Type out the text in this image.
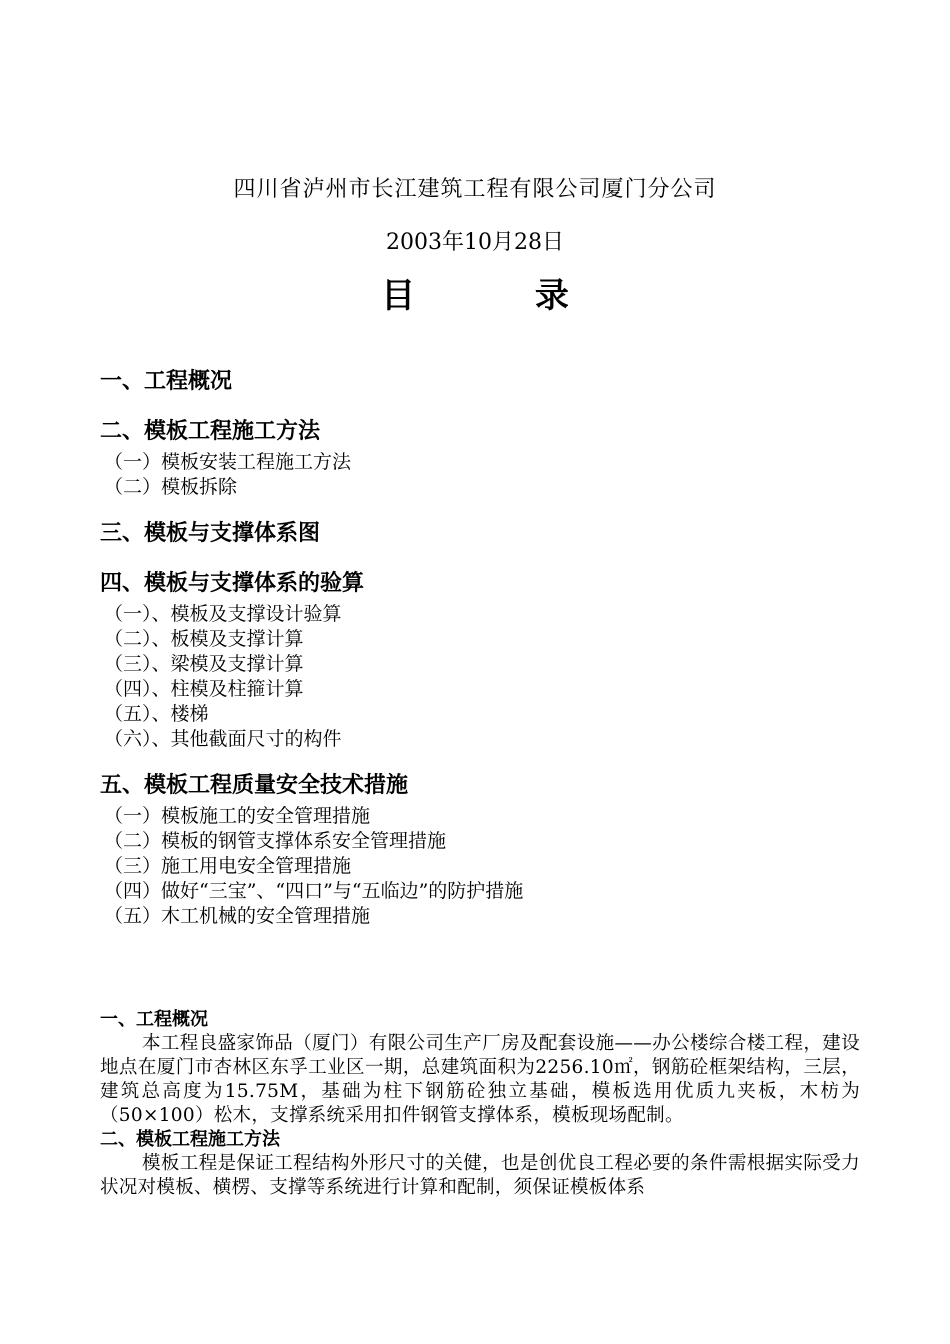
四川省泸州市长江建筑工程有限公司厦门分公司
2003年10月28日
目 录
一、工程概况
二、模板工程施工方法
（一）模板安装工程施工方法
（二）模板拆除
三、模板与支撑体系图
四、模板与支撑体系的验算
（一）、模板及支撑设计验算
（二）、板模及支撑计算
（三）、梁模及支撑计算
（四）、柱模及柱箍计算
（五）、楼梯
（六）、其他截面尺寸的构件
五、模板工程质量安全技术措施
（一）模板施工的安全管理措施
（二）模板的钢管支撑体系安全管理措施
（三）施工用电安全管理措施
（四）做好“三宝”、“四口”与“五临边”的防护措施
（五）木工机械的安全管理措施
一、工程概况

本工程良盛家饰品（厦门）有限公司生产厂房及配套设施——办公楼综合楼工程，建设地点在厦门市杏林区东孚工业区一期，总建筑面积为2256.10㎡，钢筋砼框架结构，三层，建筑总高度为15.75M，基础为柱下钢筋砼独立基础，模板选用优质九夹板，木枋为（50×100）松木，支撑系统采用扣件钢管支撑体系，模板现场配制。

二、模板工程施工方法

模板工程是保证工程结构外形尺寸的关健，也是创优良工程必要的条件需根据实际受力状况对模板、横楞、支撑等系统进行计算和配制，须保证模板体系
